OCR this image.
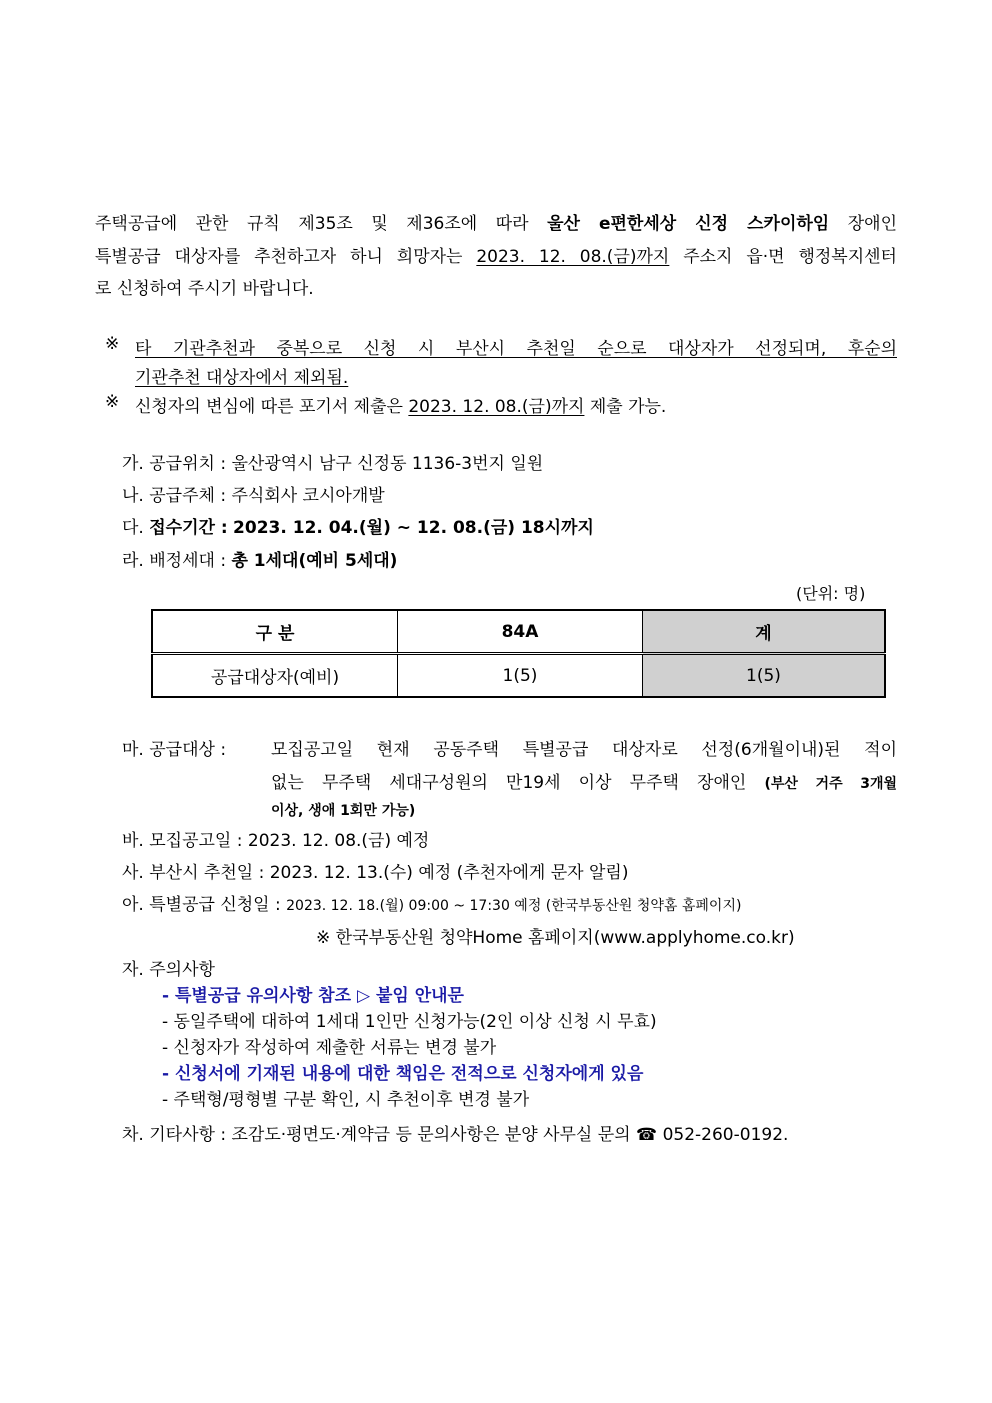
주택공급에 관한 규칙 제35조 및 제36조에 따라 울산 e편한세상 신정 스카이하임 장애인
특별공급 대상자를 추천하고자 하니 희망자는 2023. 12. 08.(금)까지 주소지 읍·면 행정복지센터
로 신청하여 주시기 바랍니다.
※ 타 기관추천과 중복으로 신청 시 부산시 추천일 순으로 대상자가 선정되며, 후순의
기관추천 대상자에서 제외됨.
※ 신청자의 변심에 따른 포기서 제출은 2023. 12. 08.(금)까지 제출 가능.
가. 공급위치 : 울산광역시 남구 신정동 1136-3번지 일원
나. 공급주체 : 주식회사 코시아개발
다. 접수기간 : 2023. 12. 04.(월) ~ 12. 08.(금) 18시까지
라. 배정세대 : 총 1세대(예비 5세대)
(단위: 명)
구 분	84A	계
공급대상자(예비)	1(5)	1(5)
마. 공급대상 :	모집공고일 현재 공동주택 특별공급 대상자로 선정(6개월이내)된 적이
없는 무주택 세대구성원의 만19세 이상 무주택 장애인 (부산 거주 3개월
이상, 생애 1회만 가능)
바. 모집공고일 : 2023. 12. 08.(금) 예정
사. 부산시 추천일 : 2023. 12. 13.(수) 예정 (추천자에게 문자 알림)
아. 특별공급 신청일 : 2023. 12. 18.(월) 09:00 ~ 17:30 예정 (한국부동산원 청약홈 홈페이지)
※ 한국부동산원 청약Home 홈페이지(www.applyhome.co.kr)
자. 주의사항
- 특별공급 유의사항 참조 ▷ 붙임 안내문
- 동일주택에 대하여 1세대 1인만 신청가능(2인 이상 신청 시 무효)
- 신청자가 작성하여 제출한 서류는 변경 불가
- 신청서에 기재된 내용에 대한 책임은 전적으로 신청자에게 있음
- 주택형/평형별 구분 확인, 시 추천이후 변경 불가
차. 기타사항 : 조감도·평면도·계약금 등 문의사항은 분양 사무실 문의 ☎ 052-260-0192.
